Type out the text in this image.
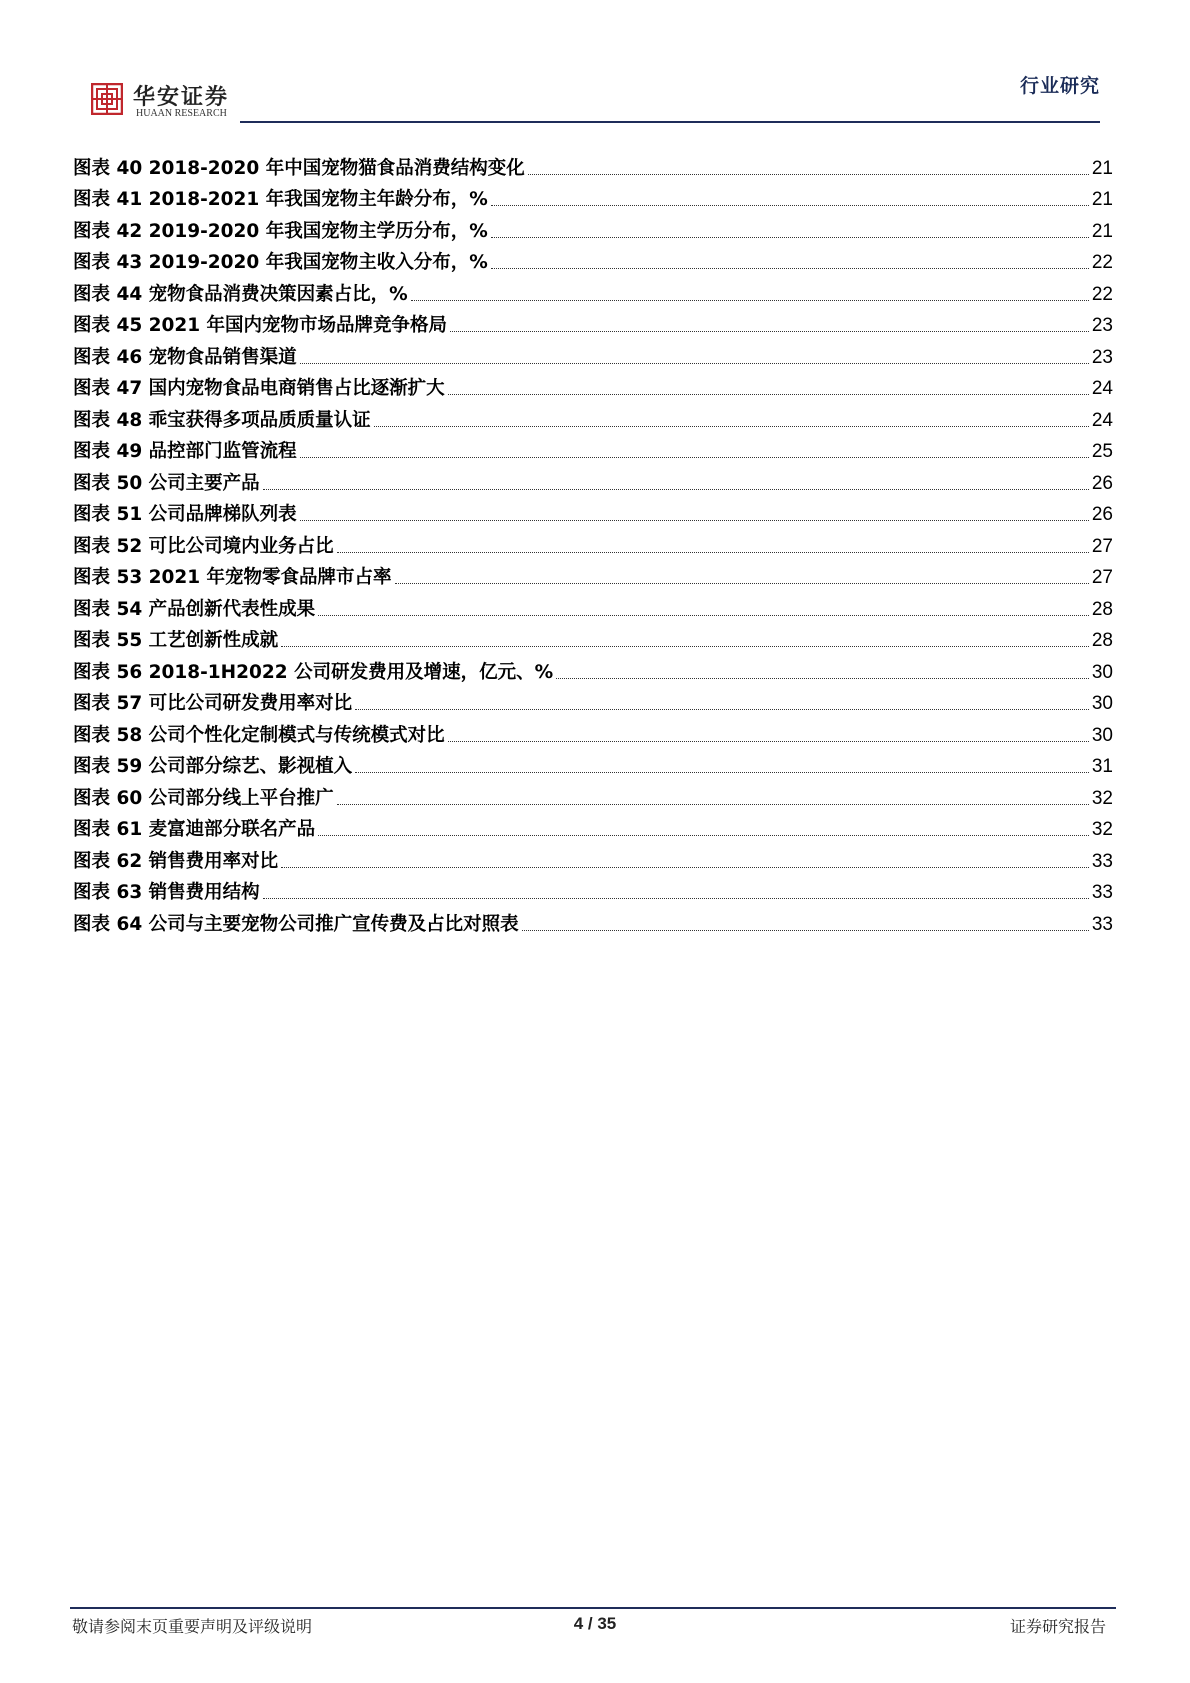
华安证券
HUAAN RESEARCH
行业研究
图表 40 2018-2020 年中国宠物猫食品消费结构变化	21
图表 41 2018-2021 年我国宠物主年龄分布，%	21
图表 42 2019-2020 年我国宠物主学历分布，%	21
图表 43 2019-2020 年我国宠物主收入分布，%	22
图表 44 宠物食品消费决策因素占比，%	22
图表 45 2021 年国内宠物市场品牌竞争格局	23
图表 46 宠物食品销售渠道	23
图表 47 国内宠物食品电商销售占比逐渐扩大	24
图表 48 乖宝获得多项品质质量认证	24
图表 49 品控部门监管流程	25
图表 50 公司主要产品	26
图表 51 公司品牌梯队列表	26
图表 52 可比公司境内业务占比	27
图表 53 2021 年宠物零食品牌市占率	27
图表 54 产品创新代表性成果	28
图表 55 工艺创新性成就	28
图表 56 2018-1H2022 公司研发费用及增速，亿元、%	30
图表 57 可比公司研发费用率对比	30
图表 58 公司个性化定制模式与传统模式对比	30
图表 59 公司部分综艺、影视植入	31
图表 60 公司部分线上平台推广	32
图表 61 麦富迪部分联名产品	32
图表 62 销售费用率对比	33
图表 63 销售费用结构	33
图表 64 公司与主要宠物公司推广宣传费及占比对照表	33
敬请参阅末页重要声明及评级说明	4 / 35	证券研究报告
